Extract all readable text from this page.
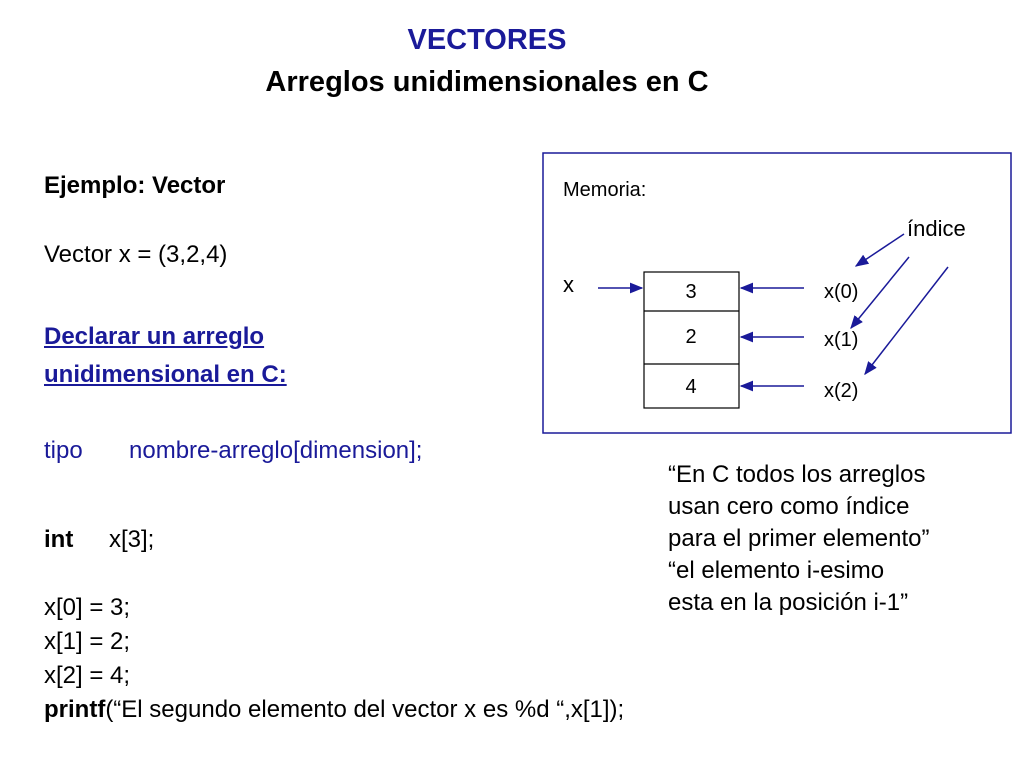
VECTORES
Arreglos unidimensionales en C
Ejemplo: Vector
Vector x = (3,2,4)
Declarar un arreglo
unidimensional en C:
tipo nombre-arreglo[dimension];
int x[3];
x[0] = 3;
x[1] = 2;
x[2] = 4;
printf(“El segundo elemento del vector x es %d “,x[1]);
Memoria:
índice
x	3
2
4
x(0)
x(1)
x(2)
“En C todos los arreglos
usan cero como índice
para el primer elemento”
“el elemento i-esimo
esta en la posición i-1”
